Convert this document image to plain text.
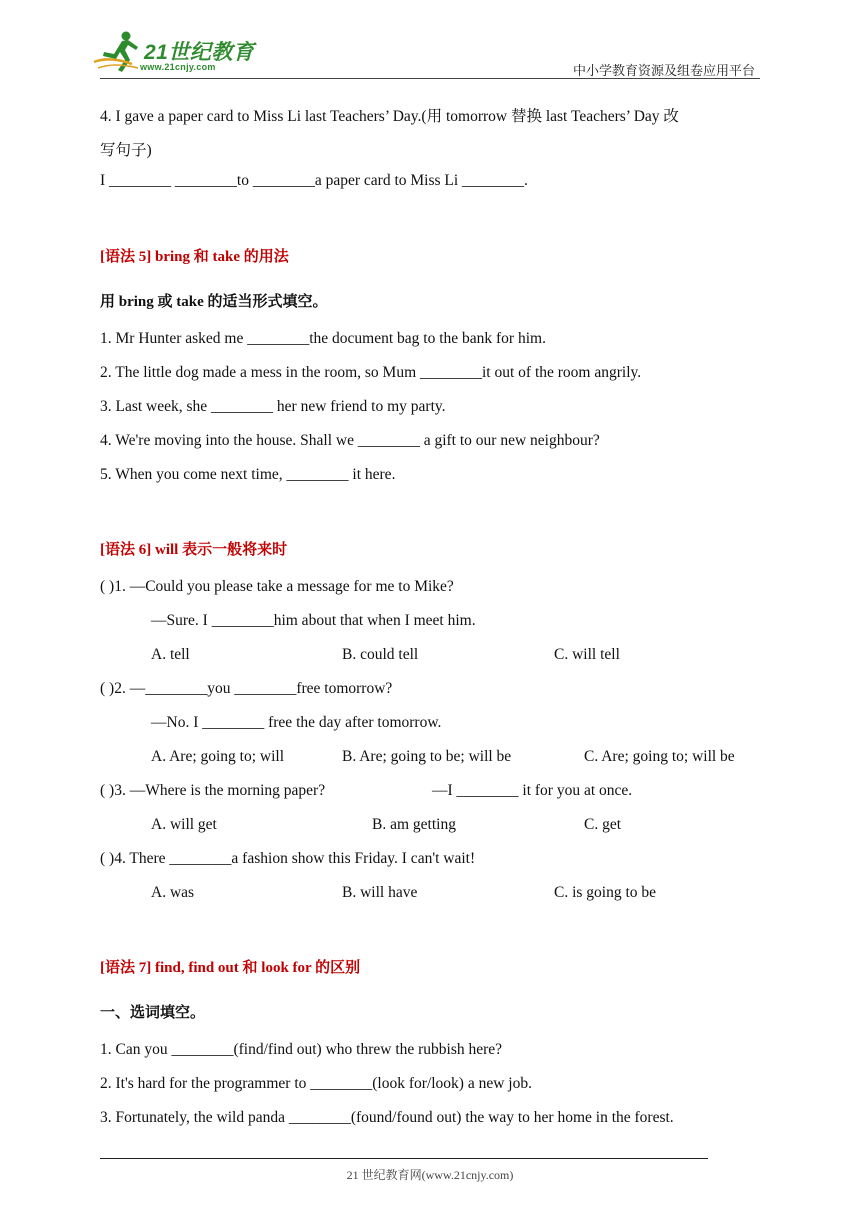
21世纪教育
www.21cnjy.com	中小学教育资源及组卷应用平台
4. I gave a paper card to Miss Li last Teachers’ Day.(用 tomorrow 替换 last Teachers’ Day 改
写句子)
I ________ ________to ________a paper card to Miss Li ________.
[语法 5] bring 和 take 的用法
用 bring 或 take 的适当形式填空。
1. Mr Hunter asked me ________the document bag to the bank for him.
2. The little dog made a mess in the room, so Mum ________it out of the room angrily.
3. Last week, she ________ her new friend to my party.
4. We're moving into the house. Shall we ________ a gift to our new neighbour?
5. When you come next time, ________ it here.
[语法 6] will 表示一般将来时
( )1. —Could you please take a message for me to Mike?
—Sure. I ________him about that when I meet him.
A. tell	B. could tell	C. will tell
( )2. —________you ________free tomorrow?
—No. I ________ free the day after tomorrow.
A. Are; going to; will	B. Are; going to be; will be	C. Are; going to; will be
( )3. —Where is the morning paper?	—I ________ it for you at once.
A. will get	B. am getting	C. get
( )4. There ________a fashion show this Friday. I can't wait!
A. was	B. will have	C. is going to be
[语法 7] find, find out 和 look for 的区别
一、选词填空。
1. Can you ________(find/find out) who threw the rubbish here?
2. It's hard for the programmer to ________(look for/look) a new job.
3. Fortunately, the wild panda ________(found/found out) the way to her home in the forest.
21 世纪教育网(www.21cnjy.com)
